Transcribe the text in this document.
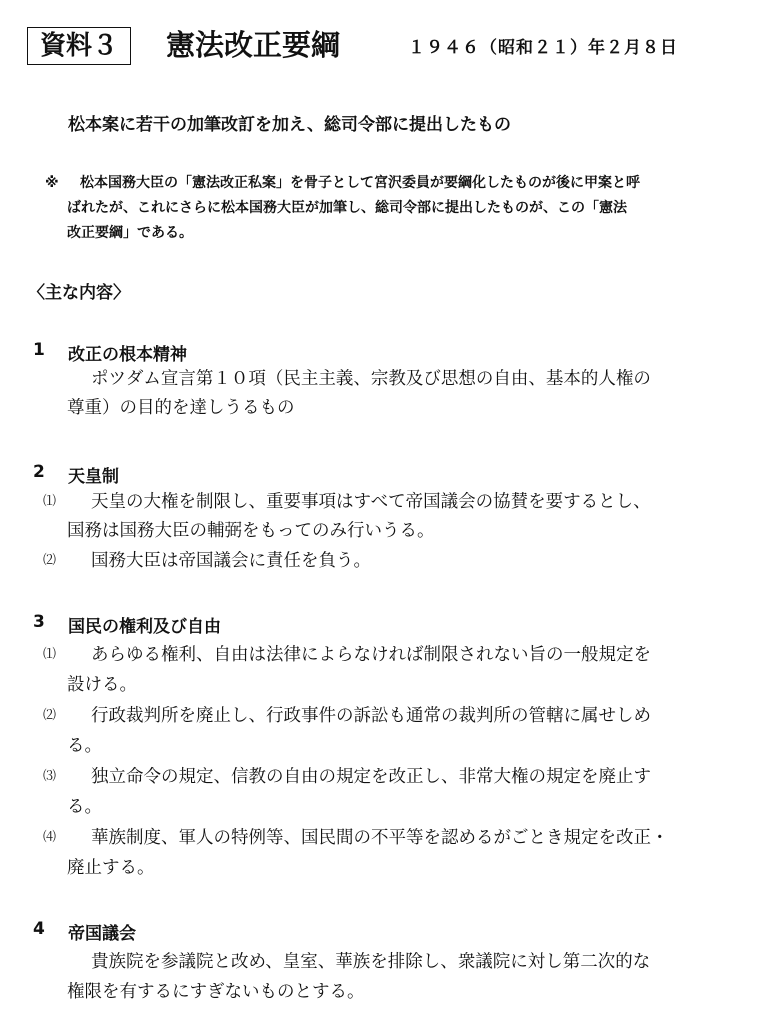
資料３	憲法改正要綱	１９４６（昭和２１）年２月８日
松本案に若干の加筆改訂を加え、総司令部に提出したもの
※ 松本国務大臣の「憲法改正私案」を骨子として宮沢委員が要綱化したものが後に甲案と呼
ばれたが、これにさらに松本国務大臣が加筆し、総司令部に提出したものが、この「憲法
改正要綱」である。
〈主な内容〉
1 改正の根本精神
ポツダム宣言第１０項（民主主義、宗教及び思想の自由、基本的人権の
尊重）の目的を達しうるもの
2 天皇制
⑴ 天皇の大権を制限し、重要事項はすべて帝国議会の協賛を要するとし、
国務は国務大臣の輔弼をもってのみ行いうる。
⑵ 国務大臣は帝国議会に責任を負う。
3 国民の権利及び自由
⑴ あらゆる権利、自由は法律によらなければ制限されない旨の一般規定を
設ける。
⑵ 行政裁判所を廃止し、行政事件の訴訟も通常の裁判所の管轄に属せしめ
る。
⑶ 独立命令の規定、信教の自由の規定を改正し、非常大権の規定を廃止す
る。
⑷ 華族制度、軍人の特例等、国民間の不平等を認めるがごとき規定を改正・
廃止する。
4 帝国議会
貴族院を参議院と改め、皇室、華族を排除し、衆議院に対し第二次的な
権限を有するにすぎないものとする。
